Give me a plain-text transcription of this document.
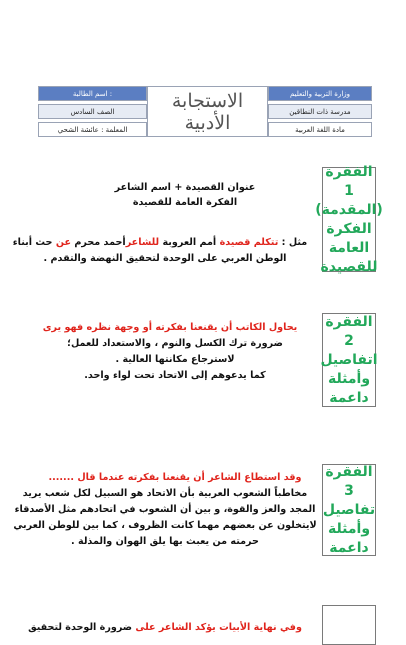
وزارة التربية والتعليم
مدرسة ذات النطاقين
مادة اللغة العربية
الاستجابة
الأدبية
اسم الطالبة :
الصف السادس
المعلمة : عائشة الشحي
الفقرة 1
(المقدمة)
الفكرة
العامة
للقصيدة
عنوان القصيدة + اسم الشاعر
الفكرة العامة للقصيدة
مثل : تتكلم قصيدة أمم العروبة للشاعرأحمد محرم عن حث أبناء
الوطن العربي على الوحدة لتحقيق النهضة والتقدم .
الفقرة 2
اتفاصيل
وأمثلة
داعمة
يحاول الكاتب أن يقنعنا بفكرته أو وجهة نظره فهو يرى
ضرورة ترك الكسل والنوم ، والاستعداد للعمل؛
لاسترجاع مكانتها العالية .
كما يدعوهم إلى الاتحاد تحت لواء واحد.
الفقرة 3
تفاصيل
وأمثلة
داعمة
وقد استطاع الشاعر أن يقنعنا بفكرته عندما قال .......
مخاطباً الشعوب العربية بأن الاتحاد هو السبيل لكل شعب يريد
المجد والعز والقوة، و بين أن الشعوب في اتحادهم مثل الأصدقاء
لايتخلون عن بعضهم مهما كانت الظروف ، كما بين للوطن العربي
حرمته من يعبث بها يلق الهوان والمذلة .
وفي نهاية الأبيات يؤكد الشاعر على ضرورة الوحدة لتحقيق
